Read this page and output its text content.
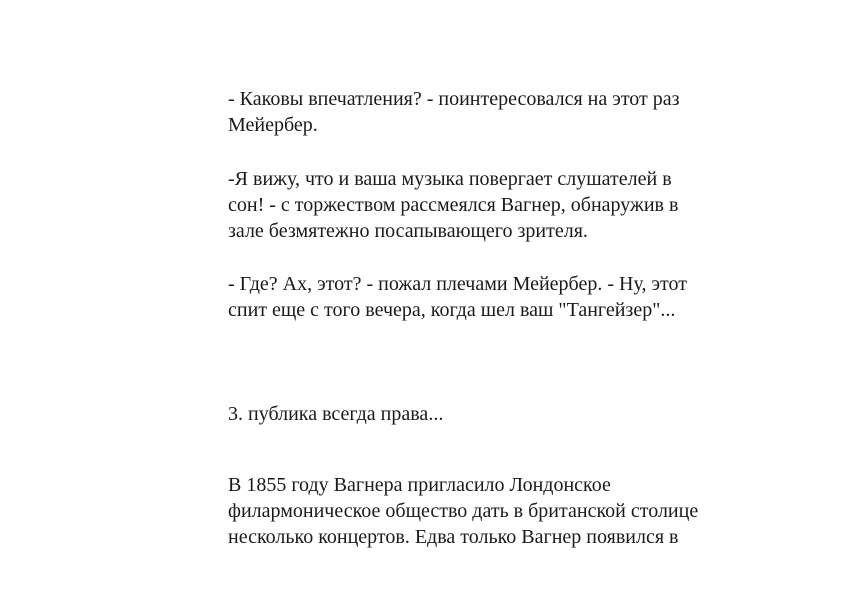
- Каковы впечатления? - поинтересовался на этот раз
Мейербер.

-Я вижу, что и ваша музыка повергает слушателей в
сон! - с торжеством рассмеялся Вагнер, обнаружив в
зале безмятежно посапывающего зрителя.

- Где? Ах, этот? - пожал плечами Мейербер. - Ну, этот
спит еще с того вечера, когда шел ваш "Тангейзер"...

3. публика всегда права...

В 1855 году Вагнера пригласило Лондонское
филармоническое общество дать в британской столице
несколько концертов. Едва только Вагнер появился в
